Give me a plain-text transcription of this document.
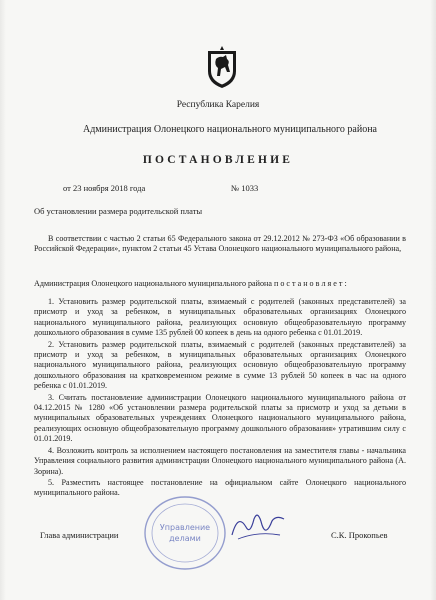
Республика Карелия
Администрация Олонецкого национального муниципального района
ПОСТАНОВЛЕНИЕ
от 23 ноября 2018 года	№ 1033
Об установлении размера родительской платы

В соответствии с частью 2 статьи 65 Федерального закона от 29.12.2012 № 273-ФЗ «Об образовании в Российской Федерации», пунктом 2 статьи 45 Устава Олонецкого национального муниципального района,

Администрация Олонецкого национального муниципального района п о с т а н о в л я е т :

1. Установить размер родительской платы, взимаемый с родителей (законных представителей) за присмотр и уход за ребенком, в муниципальных образовательных организациях Олонецкого национального муниципального района, реализующих основную общеобразовательную программу дошкольного образования в сумме 135 рублей 00 копеек в день на одного ребенка с 01.01.2019.

2. Установить размер родительской платы, взимаемый с родителей (законных представителей) за присмотр и уход за ребенком, в муниципальных образовательных организациях Олонецкого национального муниципального района, реализующих основную общеобразовательную программу дошкольного образования на кратковременном режиме в сумме 13 рублей 50 копеек в час на одного ребенка с 01.01.2019.

3. Считать постановление администрации Олонецкого национального муниципального района от 04.12.2015 № 1280 «Об установлении размера родительской платы за присмотр и уход за детьми в муниципальных образовательных учреждениях Олонецкого национального муниципального района, реализующих основную общеобразовательную программу дошкольного образования» утратившим силу с 01.01.2019.

4. Возложить контроль за исполнением настоящего постановления на заместителя главы - начальника Управления социального развития администрации Олонецкого национального муниципального района (А. Зорина).

5. Разместить настоящее постановление на официальном сайте Олонецкого национального муниципального района.

Управление
делами
Глава администрации	С.К. Прокопьев
